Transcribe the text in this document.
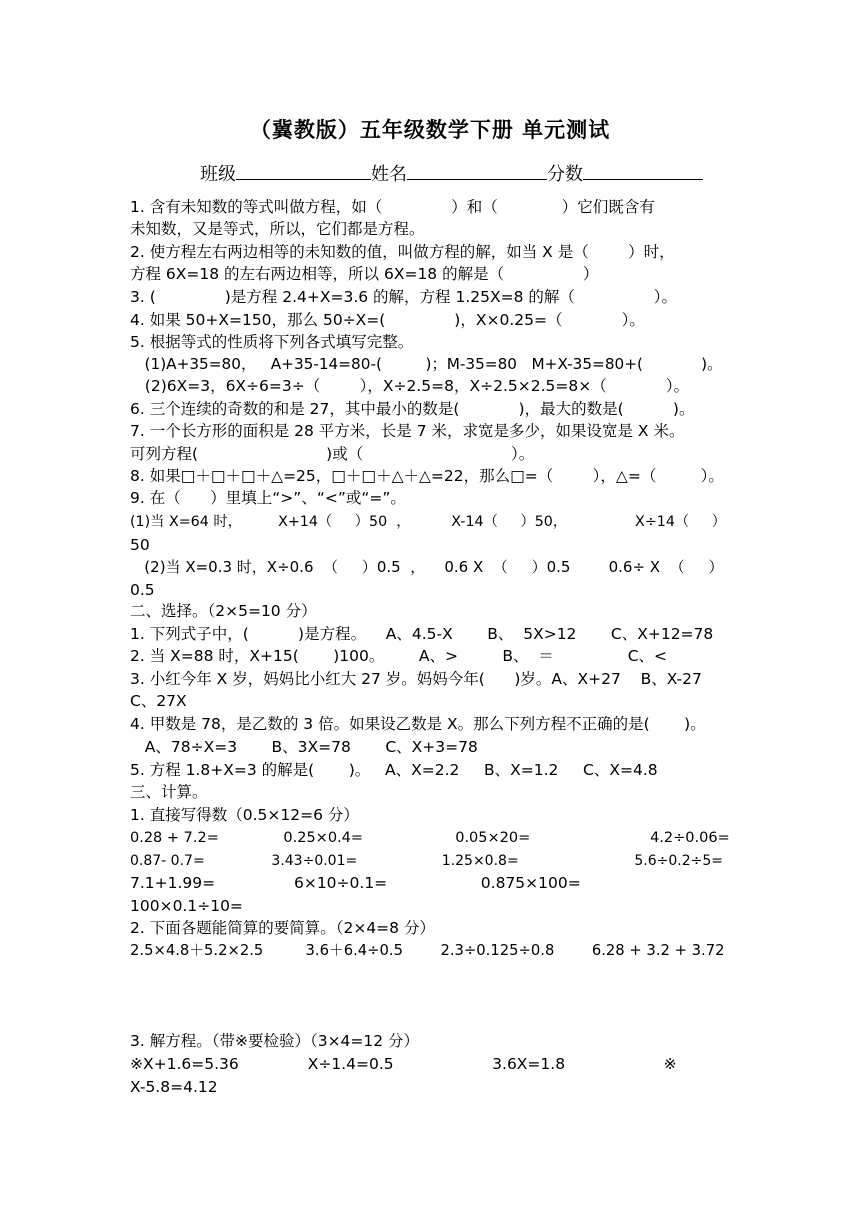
（冀教版）五年级数学下册 单元测试
班级	姓名	分数
1. 含有未知数的等式叫做方程，如（              ）和（             ）它们既含有
未知数，又是等式，所以，它们都是方程。
2. 使方程左右两边相等的未知数的值，叫做方程的解，如当 X 是（        ）时，
方程 6X=18 的左右两边相等，所以 6X=18 的解是（                ）
3. (              )是方程 2.4+X=3.6 的解，方程 1.25X=8 的解（                ）。
4. 如果 50+X=150，那么 50÷X=(              )，X×0.25=（            ）。
5. 根据等式的性质将下列各式填写完整。
(1)A+35=80，   A+35-14=80-(         )；M-35=80   M+X-35=80+(            )。
(2)6X=3，6X÷6=3÷（        ），X÷2.5=8，X÷2.5×2.5=8×（            ）。
6. 三个连续的奇数的和是 27，其中最小的数是(            )，最大的数是(          )。
7. 一个长方形的面积是 28 平方米，长是 7 米，求宽是多少，如果设宽是 X 米。
可列方程(                          )或（                              ）。
8. 如果□＋□＋□＋△=25，□＋□＋△＋△=22，那么□=（        ），△=（         ）。
9. 在（      ）里填上“>”、“<”或“=”。
(1)当 X=64 时，        X+14（     ）50  ，         X-14（     ）50，               X÷14（     ）
50
(2)当 X=0.3 时，X÷0.6  （     ）0.5  ，    0.6 X  （     ）0.5        0.6÷ X  （     ）
0.5
二、选择。（2×5=10 分）
1. 下列式子中，(          )是方程。    A、4.5-X       B、  5X>12       C、X+12=78
2. 当 X=88 时，X+15(       )100。       A、>         B、  ＝               C、<
3. 小红今年 X 岁，妈妈比小红大 27 岁。妈妈今年(      )岁。A、X+27    B、X-27
C、27X
4. 甲数是 78，是乙数的 3 倍。如果设乙数是 X。那么下列方程不正确的是(       )。
A、78÷X=3       B、3X=78       C、X+3=78
5. 方程 1.8+X=3 的解是(       )。   A、X=2.2     B、X=1.2     C、X=4.8
三、计算。
1. 直接写得数（0.5×12=6 分）
0.28 + 7.2=              0.25×0.4=                    0.05×20=                          4.2÷0.06=
0.87- 0.7=               3.43÷0.01=                   1.25×0.8=                          5.6÷0.2÷5=
7.1+1.99=                6×10÷0.1=                   0.875×100=
100×0.1÷10=
2. 下面各题能简算的要简算。（2×4=8 分）
2.5×4.8＋5.2×2.5         3.6＋6.4÷0.5        2.3÷0.125÷0.8        6.28 + 3.2 + 3.72
3. 解方程。（带※要检验）（3×4=12 分）
※X+1.6=5.36              X÷1.4=0.5                    3.6X=1.8                    ※
X-5.8=4.12
